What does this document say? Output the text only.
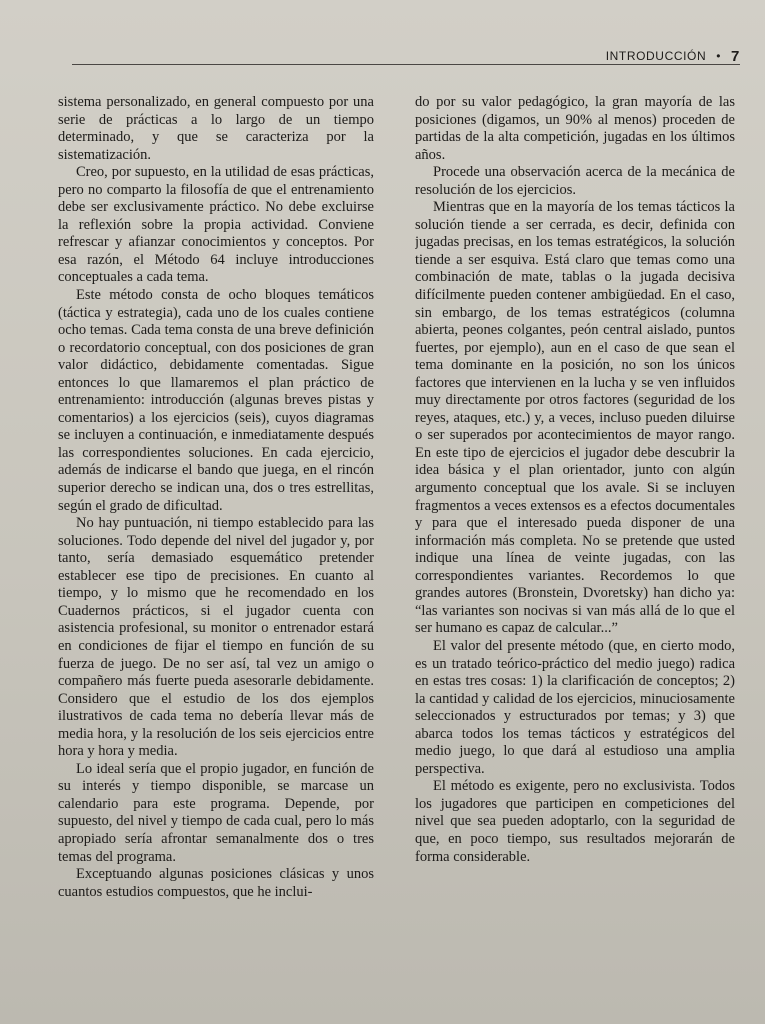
INTRODUCCIÓN • 7

sistema personalizado, en general compuesto por una serie de prácticas a lo largo de un tiempo determinado, y que se caracteriza por la sistematización.

Creo, por supuesto, en la utilidad de esas prácticas, pero no comparto la filosofía de que el entrenamiento debe ser exclusivamente práctico. No debe excluirse la reflexión sobre la propia actividad. Conviene refrescar y afianzar conocimientos y conceptos. Por esa razón, el Método 64 incluye introducciones conceptuales a cada tema.

Este método consta de ocho bloques temáticos (táctica y estrategia), cada uno de los cuales contiene ocho temas. Cada tema consta de una breve definición o recordatorio conceptual, con dos posiciones de gran valor didáctico, debidamente comentadas. Sigue entonces lo que llamaremos el plan práctico de entrenamiento: introducción (algunas breves pistas y comentarios) a los ejercicios (seis), cuyos diagramas se incluyen a continuación, e inmediatamente después las correspondientes soluciones. En cada ejercicio, además de indicarse el bando que juega, en el rincón superior derecho se indican una, dos o tres estrellitas, según el grado de dificultad.

No hay puntuación, ni tiempo establecido para las soluciones. Todo depende del nivel del jugador y, por tanto, sería demasiado esquemático pretender establecer ese tipo de precisiones. En cuanto al tiempo, y lo mismo que he recomendado en los Cuadernos prácticos, si el jugador cuenta con asistencia profesional, su monitor o entrenador estará en condiciones de fijar el tiempo en función de su fuerza de juego. De no ser así, tal vez un amigo o compañero más fuerte pueda asesorarle debidamente. Considero que el estudio de los dos ejemplos ilustrativos de cada tema no debería llevar más de media hora, y la resolución de los seis ejercicios entre hora y hora y media.

Lo ideal sería que el propio jugador, en función de su interés y tiempo disponible, se marcase un calendario para este programa. Depende, por supuesto, del nivel y tiempo de cada cual, pero lo más apropiado sería afrontar semanalmente dos o tres temas del programa.

Exceptuando algunas posiciones clásicas y unos cuantos estudios compuestos, que he inclui-

do por su valor pedagógico, la gran mayoría de las posiciones (digamos, un 90% al menos) proceden de partidas de la alta competición, jugadas en los últimos años.

Procede una observación acerca de la mecánica de resolución de los ejercicios.

Mientras que en la mayoría de los temas tácticos la solución tiende a ser cerrada, es decir, definida con jugadas precisas, en los temas estratégicos, la solución tiende a ser esquiva. Está claro que temas como una combinación de mate, tablas o la jugada decisiva difícilmente pueden contener ambigüedad. En el caso, sin embargo, de los temas estratégicos (columna abierta, peones colgantes, peón central aislado, puntos fuertes, por ejemplo), aun en el caso de que sean el tema dominante en la posición, no son los únicos factores que intervienen en la lucha y se ven influidos muy directamente por otros factores (seguridad de los reyes, ataques, etc.) y, a veces, incluso pueden diluirse o ser superados por acontecimientos de mayor rango. En este tipo de ejercicios el jugador debe descubrir la idea básica y el plan orientador, junto con algún argumento conceptual que los avale. Si se incluyen fragmentos a veces extensos es a efectos documentales y para que el interesado pueda disponer de una información más completa. No se pretende que usted indique una línea de veinte jugadas, con las correspondientes variantes. Recordemos lo que grandes autores (Bronstein, Dvoretsky) han dicho ya: “las variantes son nocivas si van más allá de lo que el ser humano es capaz de calcular...”

El valor del presente método (que, en cierto modo, es un tratado teórico-práctico del medio juego) radica en estas tres cosas: 1) la clarificación de conceptos; 2) la cantidad y calidad de los ejercicios, minuciosamente seleccionados y estructurados por temas; y 3) que abarca todos los temas tácticos y estratégicos del medio juego, lo que dará al estudioso una amplia perspectiva.

El método es exigente, pero no exclusivista. Todos los jugadores que participen en competiciones del nivel que sea pueden adoptarlo, con la seguridad de que, en poco tiempo, sus resultados mejorarán de forma considerable.
